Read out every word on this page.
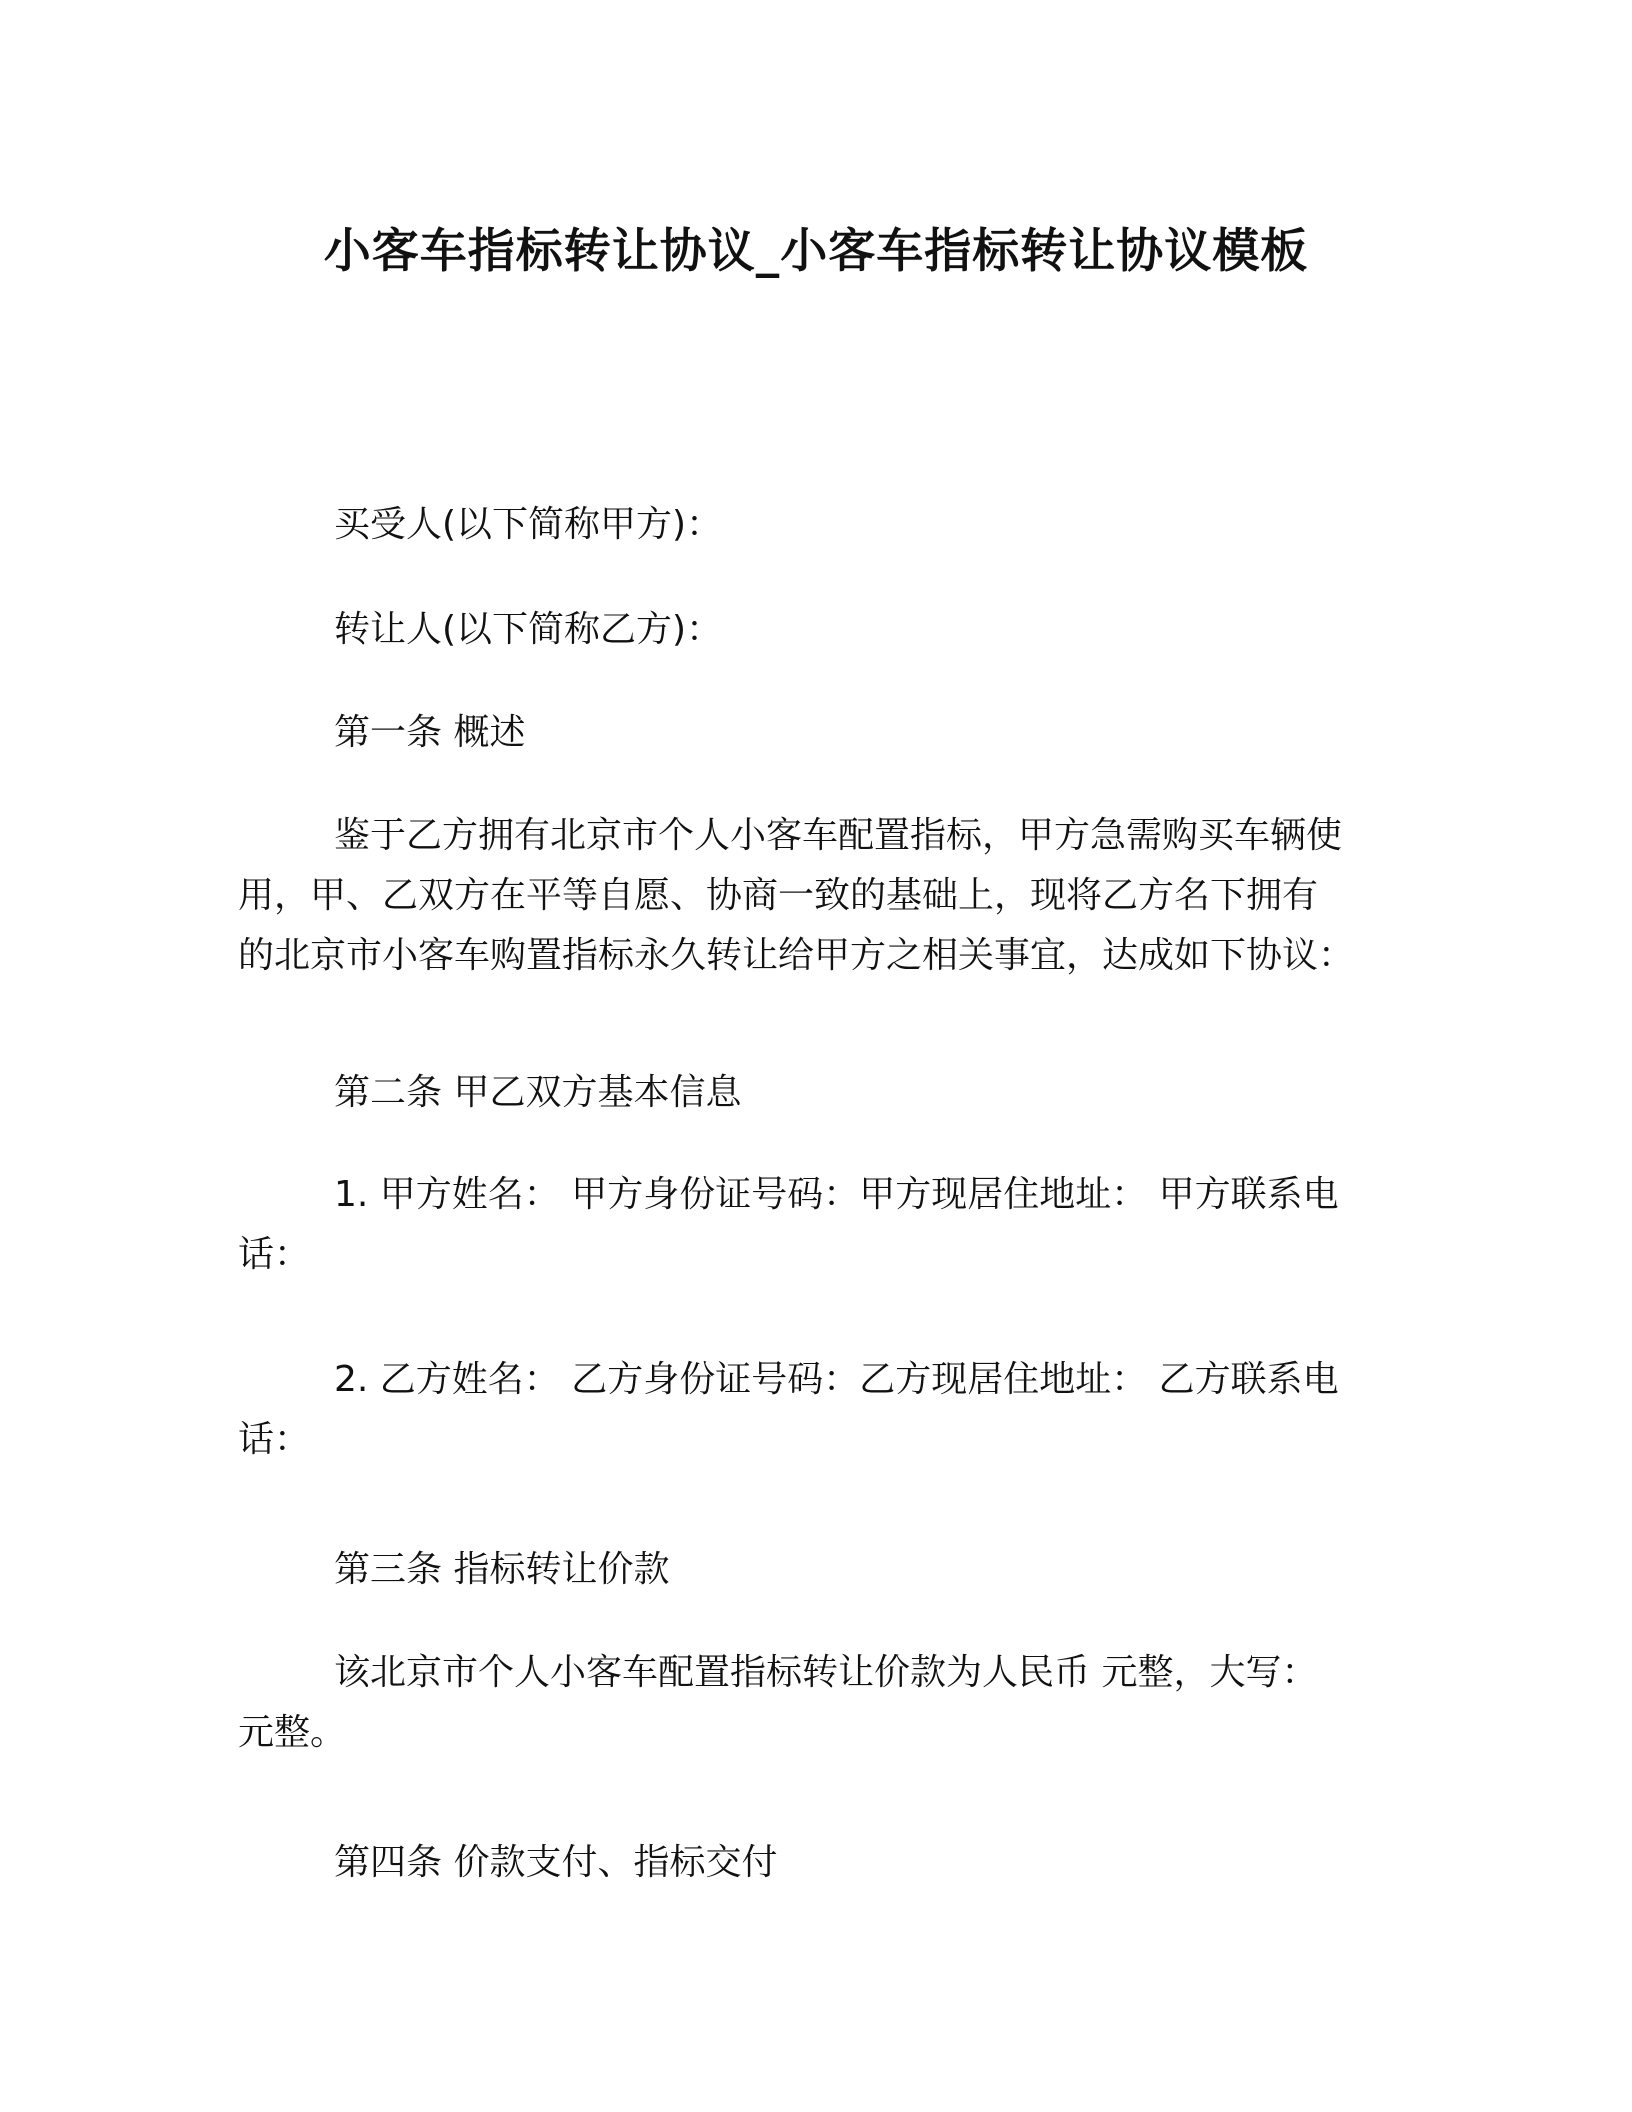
小客车指标转让协议_小客车指标转让协议模板

买受人(以下简称甲方)：

转让人(以下简称乙方)：

第一条 概述

鉴于乙方拥有北京市个人小客车配置指标，甲方急需购买车辆使
用，甲、乙双方在平等自愿、协商一致的基础上，现将乙方名下拥有
的北京市小客车购置指标永久转让给甲方之相关事宜，达成如下协议：

第二条 甲乙双方基本信息

1. 甲方姓名： 甲方身份证号码：甲方现居住地址： 甲方联系电
话：
2. 乙方姓名： 乙方身份证号码：乙方现居住地址： 乙方联系电
话：

第三条 指标转让价款

该北京市个人小客车配置指标转让价款为人民币 元整，大写：
元整。

第四条 价款支付、指标交付
